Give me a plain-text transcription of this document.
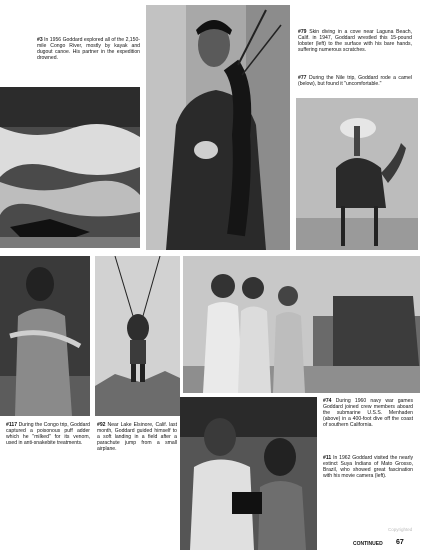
#3 In 1956 Goddard explored all of the 2,150-mile Congo River, mostly by kayak and dugout canoe. His partner in the expedition drowned.
#79 Skin diving in a cove near Laguna Beach, Calif. in 1947, Goddard wrestled this 15-pound lobster (left) to the surface with his bare hands, suffering numerous scratches.
#77 During the Nile trip, Goddard rode a camel (below), but found it "uncomfortable."
#117 During the Congo trip, Goddard captured a poisonous puff adder which he "milked" for its venom, used in anti-snakebite treatments.
#92 Near Lake Elsinore, Calif. last month, Goddard guided himself to a soft landing in a field after a parachute jump from a small airplane.
#74 During 1960 navy war games Goddard joined crew members aboard the submarine U.S.S. Menhaden (above) in a 400-foot dive off the coast of southern California.
#11 In 1962 Goddard visited the nearly extinct Suya Indians of Mato Grosso, Brazil, who showed great fascination with his movie camera (left).
Copyrighted
CONTINUED 67
